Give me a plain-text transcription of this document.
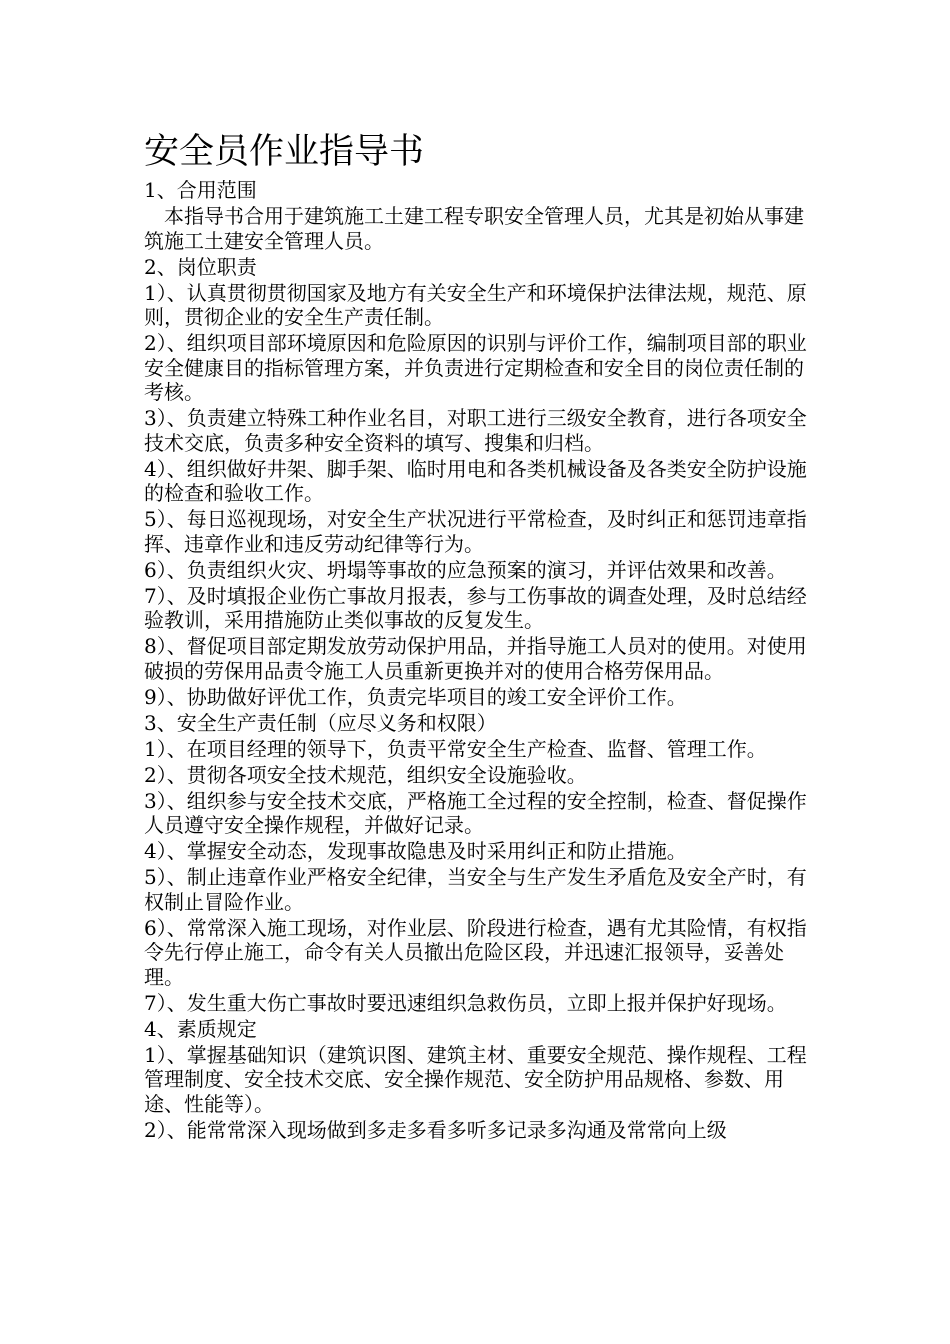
安全员作业指导书

1、合用范围

本指导书合用于建筑施工土建工程专职安全管理人员，尤其是初始从事建筑施工土建安全管理人员。

2、岗位职责

1）、认真贯彻贯彻国家及地方有关安全生产和环境保护法律法规，规范、原则，贯彻企业的安全生产责任制。

2）、组织项目部环境原因和危险原因的识别与评价工作，编制项目部的职业安全健康目的指标管理方案，并负责进行定期检查和安全目的岗位责任制的考核。

3）、负责建立特殊工种作业名目，对职工进行三级安全教育，进行各项安全技术交底，负责多种安全资料的填写、搜集和归档。

4）、组织做好井架、脚手架、临时用电和各类机械设备及各类安全防护设施的检查和验收工作。

5）、每日巡视现场，对安全生产状况进行平常检查，及时纠正和惩罚违章指挥、违章作业和违反劳动纪律等行为。

6）、负责组织火灾、坍塌等事故的应急预案的演习，并评估效果和改善。

7）、及时填报企业伤亡事故月报表，参与工伤事故的调查处理，及时总结经验教训，采用措施防止类似事故的反复发生。

8）、督促项目部定期发放劳动保护用品，并指导施工人员对的使用。对使用破损的劳保用品责令施工人员重新更换并对的使用合格劳保用品。

9）、协助做好评优工作，负责完毕项目的竣工安全评价工作。

3、安全生产责任制（应尽义务和权限）

1）、在项目经理的领导下，负责平常安全生产检查、监督、管理工作。

2）、贯彻各项安全技术规范，组织安全设施验收。

3）、组织参与安全技术交底，严格施工全过程的安全控制，检查、督促操作人员遵守安全操作规程，并做好记录。

4）、掌握安全动态，发现事故隐患及时采用纠正和防止措施。

5）、制止违章作业严格安全纪律，当安全与生产发生矛盾危及安全产时，有权制止冒险作业。

6）、常常深入施工现场，对作业层、阶段进行检查，遇有尤其险情，有权指令先行停止施工，命令有关人员撤出危险区段，并迅速汇报领导，妥善处理。

7）、发生重大伤亡事故时要迅速组织急救伤员，立即上报并保护好现场。

4、素质规定

1）、掌握基础知识（建筑识图、建筑主材、重要安全规范、操作规程、工程管理制度、安全技术交底、安全操作规范、安全防护用品规格、参数、用途、性能等）。

2）、能常常深入现场做到多走多看多听多记录多沟通及常常向上级
